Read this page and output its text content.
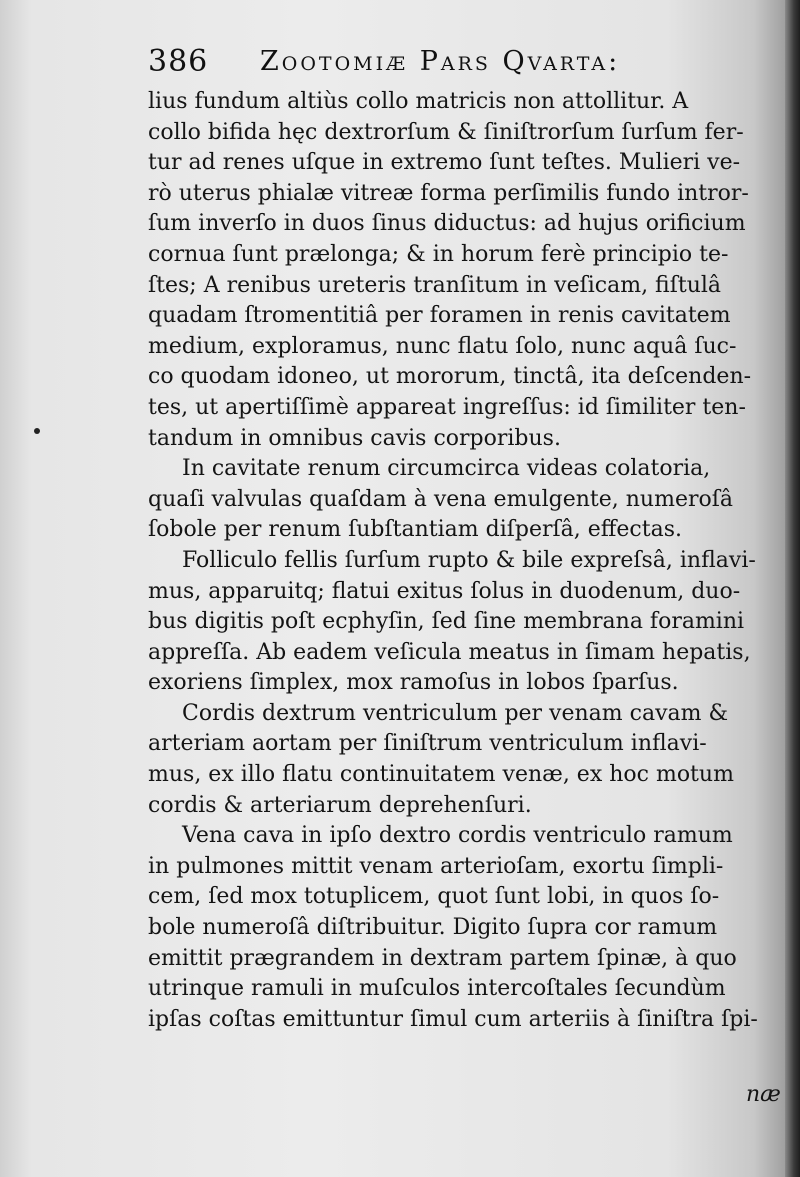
386 Zootomiæ Pars Qvarta:
lius fundum altiùs collo matricis non attollitur. A
collo bifida hęc dextrorſum & ſiniſtrorſum ſurſum fer-
tur ad renes uſque in extremo ſunt teſtes. Mulieri ve-
rò uterus phialæ vitreæ forma perſimilis fundo intror-
ſum inverſo in duos ſinus diductus: ad hujus orificium
cornua ſunt prælonga; & in horum ferè principio te-
ſtes; A renibus ureteris tranſitum in veſicam, fiſtulâ
quadam ſtromentitiâ per foramen in renis cavitatem
medium, exploramus, nunc flatu ſolo, nunc aquâ ſuc-
co quodam idoneo, ut mororum, tinctâ, ita deſcenden-
tes, ut apertiſſimè appareat ingreſſus: id ſimiliter ten-
tandum in omnibus cavis corporibus.
In cavitate renum circumcirca videas colatoria,
quaſi valvulas quaſdam à vena emulgente, numeroſâ
ſobole per renum ſubſtantiam diſperſâ, effectas.
Folliculo fellis ſurſum rupto & bile expreſsâ, inflavi-
mus, apparuitq; flatui exitus ſolus in duodenum, duo-
bus digitis poſt ecphyſin, ſed ſine membrana foramini
appreſſa. Ab eadem veſicula meatus in ſimam hepatis,
exoriens ſimplex, mox ramoſus in lobos ſparſus.
Cordis dextrum ventriculum per venam cavam &
arteriam aortam per ſiniſtrum ventriculum inflavi-
mus, ex illo flatu continuitatem venæ, ex hoc motum
cordis & arteriarum deprehenſuri.
Vena cava in ipſo dextro cordis ventriculo ramum
in pulmones mittit venam arterioſam, exortu ſimpli-
cem, ſed mox totuplicem, quot ſunt lobi, in quos ſo-
bole numeroſâ diſtribuitur. Digito ſupra cor ramum
emittit prægrandem in dextram partem ſpinæ, à quo
utrinque ramuli in muſculos intercoſtales ſecundùm
ipſas coſtas emittuntur ſimul cum arteriis à ſiniſtra ſpi-
næ
